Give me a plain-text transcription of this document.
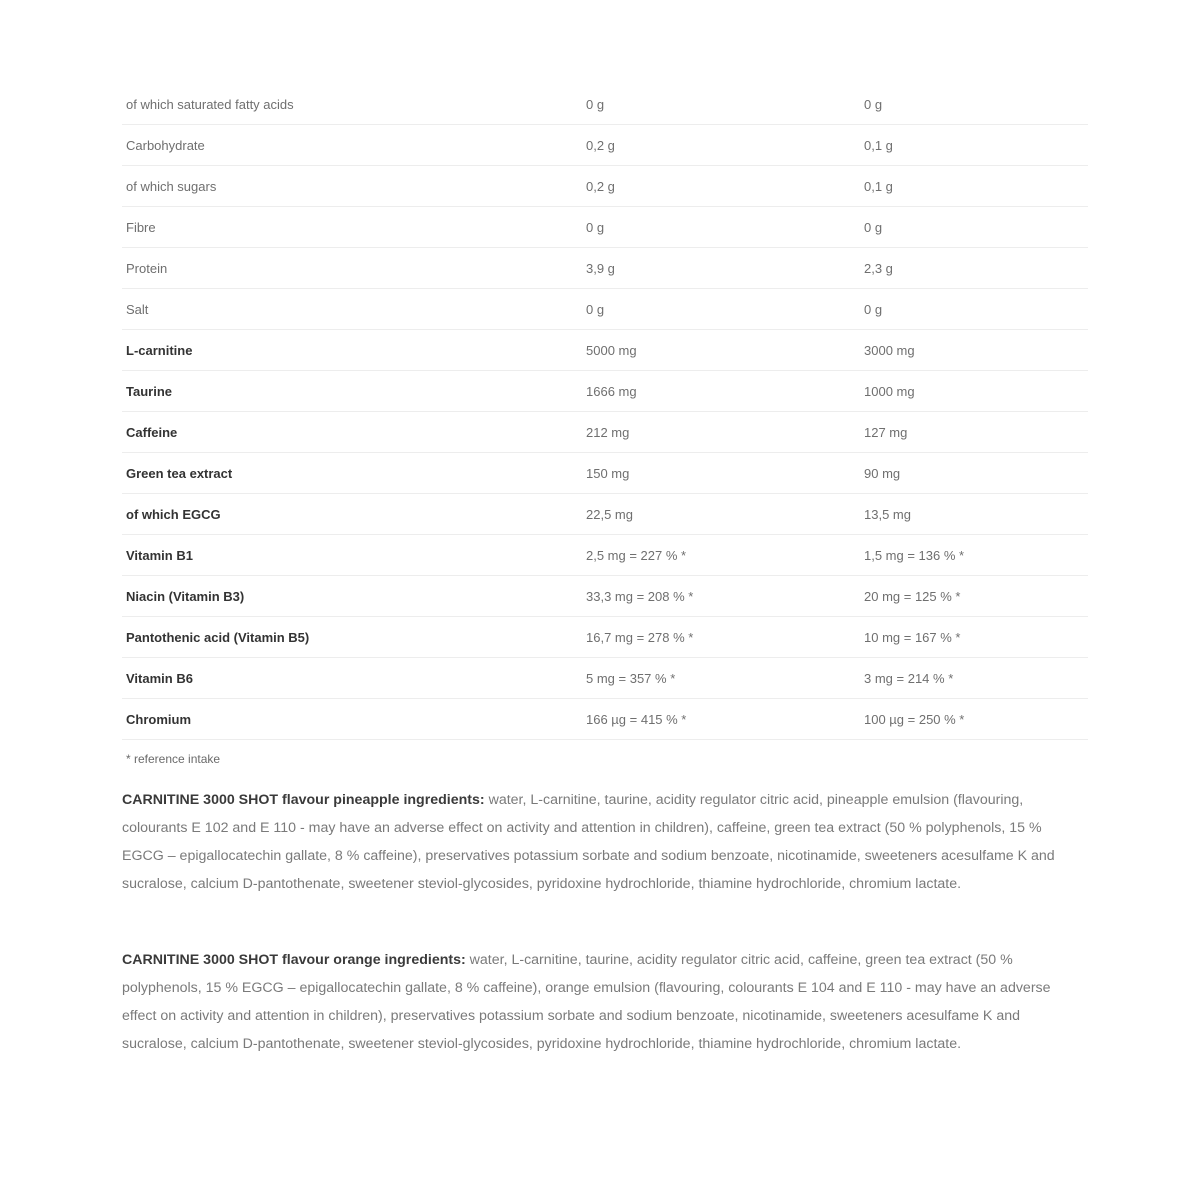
of which saturated fatty acids	0 g	0 g
Carbohydrate	0,2 g	0,1 g
of which sugars	0,2 g	0,1 g
Fibre	0 g	0 g
Protein	3,9 g	2,3 g
Salt	0 g	0 g
L-carnitine	5000 mg	3000 mg
Taurine	1666 mg	1000 mg
Caffeine	212 mg	127 mg
Green tea extract	150 mg	90 mg
of which EGCG	22,5 mg	13,5 mg
Vitamin B1	2,5 mg = 227 % *	1,5 mg = 136 % *
Niacin (Vitamin B3)	33,3 mg = 208 % *	20 mg = 125 % *
Pantothenic acid (Vitamin B5)	16,7 mg = 278 % *	10 mg = 167 % *
Vitamin B6	5 mg = 357 % *	3 mg = 214 % *
Chromium	166 µg = 415 % *	100 µg = 250 % *
* reference intake

CARNITINE 3000 SHOT flavour pineapple ingredients: water, L-carnitine, taurine, acidity regulator citric acid, pineapple emulsion (flavouring, colourants E 102 and E 110 - may have an adverse effect on activity and attention in children), caffeine, green tea extract (50 % polyphenols, 15 % EGCG – epigallocatechin gallate, 8 % caffeine), preservatives potassium sorbate and sodium benzoate, nicotinamide, sweeteners acesulfame K and sucralose, calcium D-pantothenate, sweetener steviol-glycosides, pyridoxine hydrochloride, thiamine hydrochloride, chromium lactate.

CARNITINE 3000 SHOT flavour orange ingredients: water, L-carnitine, taurine, acidity regulator citric acid, caffeine, green tea extract (50 % polyphenols, 15 % EGCG – epigallocatechin gallate, 8 % caffeine), orange emulsion (flavouring, colourants E 104 and E 110 - may have an adverse effect on activity and attention in children), preservatives potassium sorbate and sodium benzoate, nicotinamide, sweeteners acesulfame K and sucralose, calcium D-pantothenate, sweetener steviol-glycosides, pyridoxine hydrochloride, thiamine hydrochloride, chromium lactate.
